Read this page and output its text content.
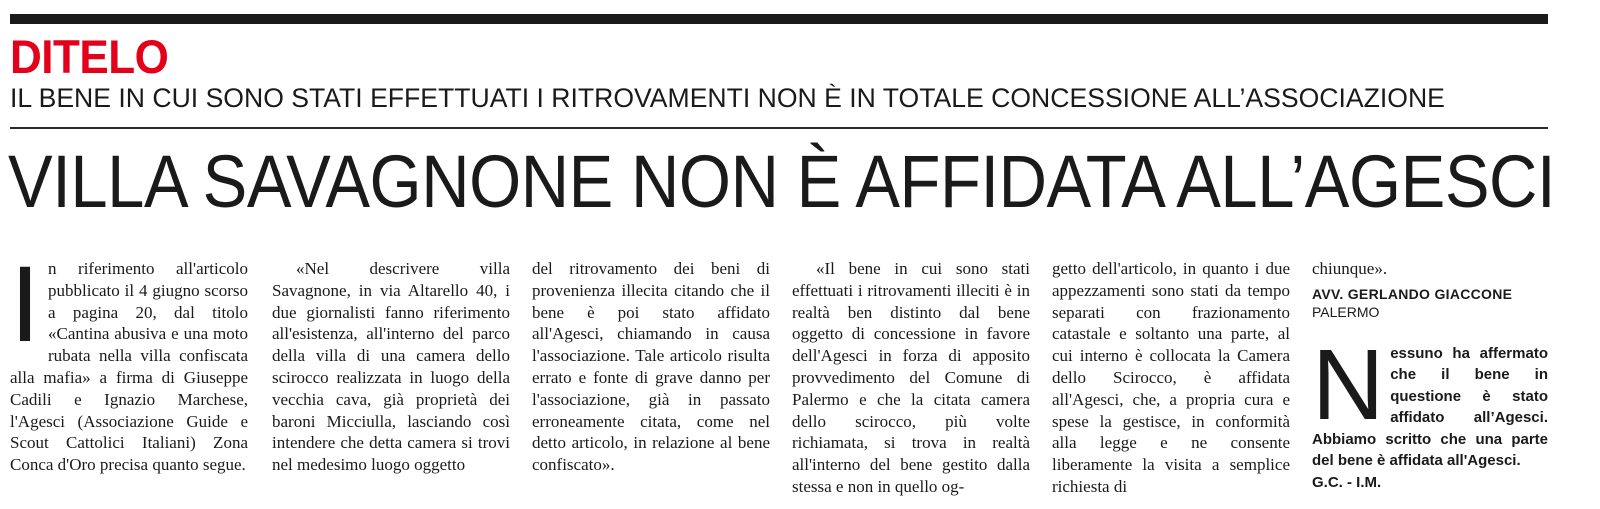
DITELO
IL BENE IN CUI SONO STATI EFFETTUATI I RITROVAMENTI NON È IN TOTALE CONCESSIONE ALL’ASSOCIAZIONE
VILLA SAVAGNONE NON È AFFIDATA ALL’AGESCI
I n riferimento all'articolo pubblicato il 4 giugno scorso a pagina 20, dal titolo «Cantina abusiva e una moto rubata nella villa confiscata alla mafia» a firma di Giuseppe Cadili e Ignazio Marchese, l'Agesci (Associazione Guide e Scout Cattolici Italiani) Zona Conca d'Oro precisa quanto segue.
«Nel descrivere villa Savagnone, in via Altarello 40, i due giornalisti fanno riferimento all'esistenza, all'interno del parco della villa di una camera dello scirocco realizzata in luogo della vecchia cava, già proprietà dei baroni Micciulla, lasciando così intendere che detta camera si trovi nel medesimo luogo oggetto
del ritrovamento dei beni di provenienza illecita citando che il bene è poi stato affidato all'Agesci, chiamando in causa l'associazione. Tale articolo risulta errato e fonte di grave danno per l'associazione, già in passato erroneamente citata, come nel detto articolo, in relazione al bene confiscato».
«Il bene in cui sono stati effettuati i ritrovamenti illeciti è in realtà ben distinto dal bene oggetto di concessione in favore dell'Agesci in forza di apposito provvedimento del Comune di Palermo e che la citata camera dello scirocco, più volte richiamata, si trova in realtà all'interno del bene gestito dalla stessa e non in quello og-
getto dell'articolo, in quanto i due appezzamenti sono stati da tempo separati con frazionamento catastale e soltanto una parte, al cui interno è collocata la Camera dello Scirocco, è affidata all'Agesci, che, a propria cura e spese la gestisce, in conformità alla legge e ne consente liberamente la visita a semplice richiesta di
chiunque».
AVV. GERLANDO GIACCONE
PALERMO
N essuno ha affermato che il bene in questione è stato affidato all’Agesci. Abbiamo scritto che una parte del bene è affidata all'Agesci.
G.C. - I.M.
